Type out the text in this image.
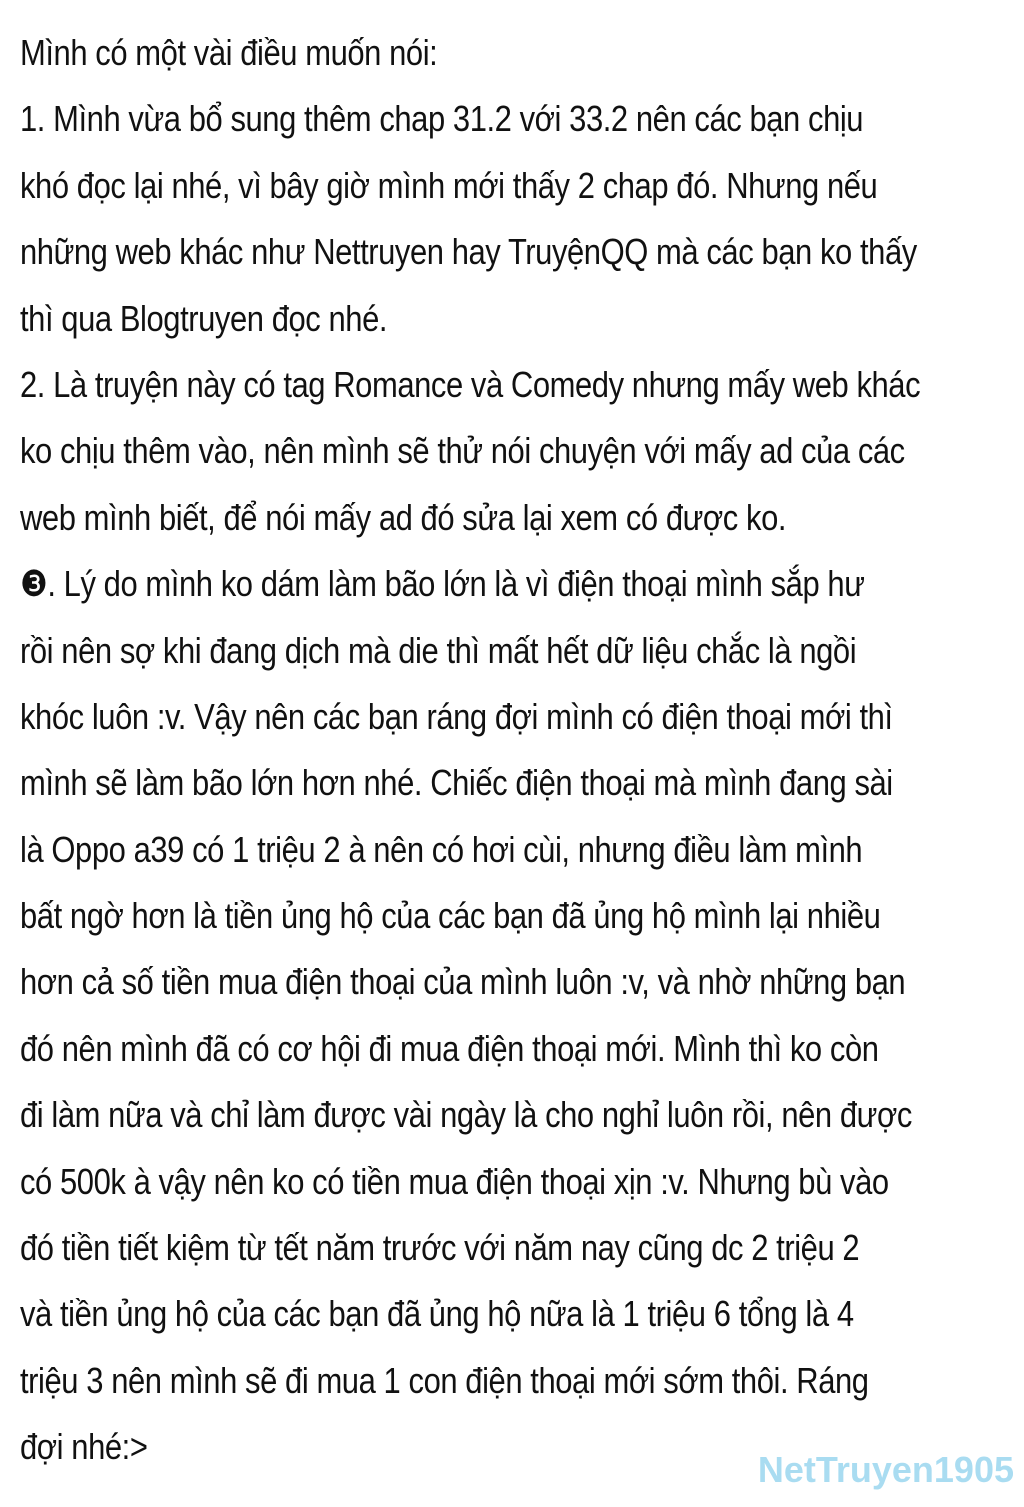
Mình có một vài điều muốn nói:
1. Mình vừa bổ sung thêm chap 31.2 với 33.2 nên các bạn chịu
khó đọc lại nhé, vì bây giờ mình mới thấy 2 chap đó. Nhưng nếu
những web khác như Nettruyen hay TruyệnQQ mà các bạn ko thấy
thì qua Blogtruyen đọc nhé.
2. Là truyện này có tag Romance và Comedy nhưng mấy web khác
ko chịu thêm vào, nên mình sẽ thử nói chuyện với mấy ad của các
web mình biết, để nói mấy ad đó sửa lại xem có được ko.
❸. Lý do mình ko dám làm bão lớn là vì điện thoại mình sắp hư
rồi nên sợ khi đang dịch mà die thì mất hết dữ liệu chắc là ngồi
khóc luôn :v. Vậy nên các bạn ráng đợi mình có điện thoại mới thì
mình sẽ làm bão lớn hơn nhé. Chiếc điện thoại mà mình đang sài
là Oppo a39 có 1 triệu 2 à nên có hơi cùi, nhưng điều làm mình
bất ngờ hơn là tiền ủng hộ của các bạn đã ủng hộ mình lại nhiều
hơn cả số tiền mua điện thoại của mình luôn :v, và nhờ những bạn
đó nên mình đã có cơ hội đi mua điện thoại mới. Mình thì ko còn
đi làm nữa và chỉ làm được vài ngày là cho nghỉ luôn rồi, nên được
có 500k à vậy nên ko có tiền mua điện thoại xịn :v. Nhưng bù vào
đó tiền tiết kiệm từ tết năm trước với năm nay cũng dc 2 triệu 2
và tiền ủng hộ của các bạn đã ủng hộ nữa là 1 triệu 6 tổng là 4
triệu 3 nên mình sẽ đi mua 1 con điện thoại mới sớm thôi. Ráng
đợi nhé:>
NetTruyen1905
